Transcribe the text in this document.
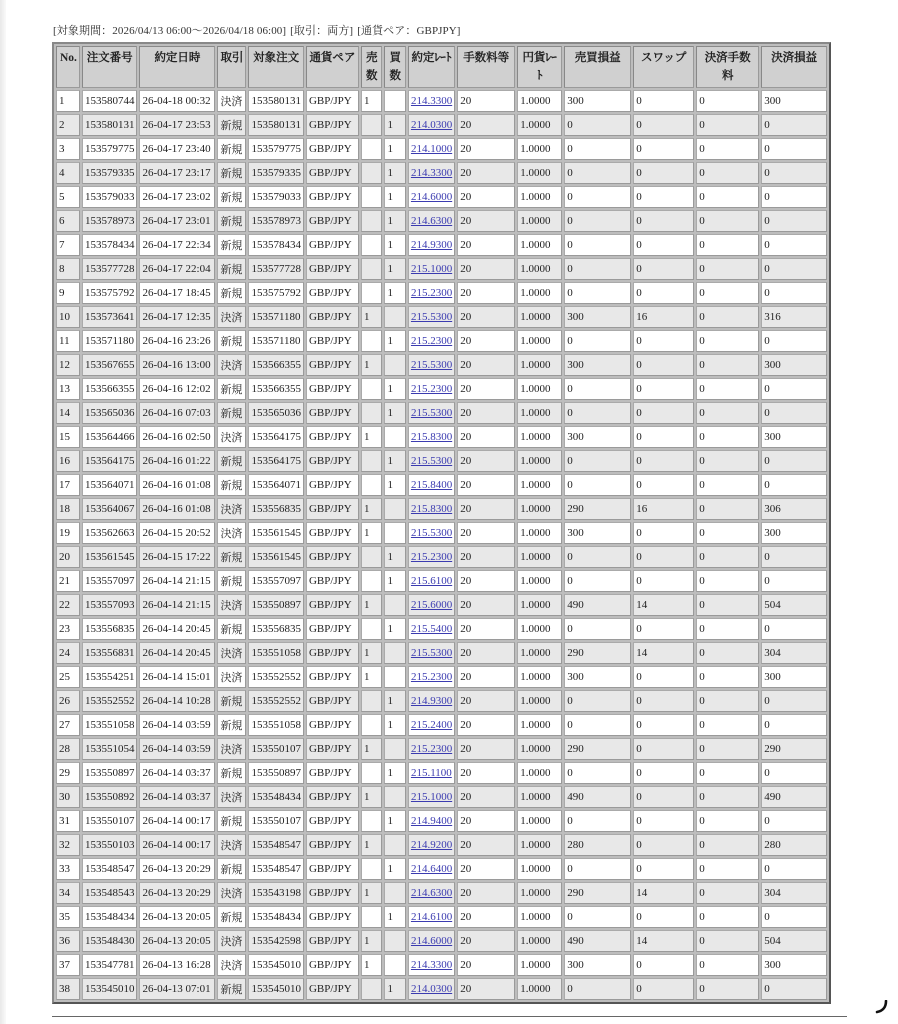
[対象期間：2026/04/13 06:00〜2026/04/18 06:00] [取引：両方] [通貨ペア：GBPJPY]
No.	注文番号	約定日時	取引	対象注文	通貨ペア	売数	買数	約定ﾚｰﾄ	手数料等	円貨ﾚｰﾄ	売買損益	スワップ	決済手数料	決済損益
1	153580744	26-04-18 00:32	決済	153580131	GBP/JPY	1		214.3300	20	1.0000	300	0	0	300
2	153580131	26-04-17 23:53	新規	153580131	GBP/JPY		1	214.0300	20	1.0000	0	0	0	0
3	153579775	26-04-17 23:40	新規	153579775	GBP/JPY		1	214.1000	20	1.0000	0	0	0	0
4	153579335	26-04-17 23:17	新規	153579335	GBP/JPY		1	214.3300	20	1.0000	0	0	0	0
5	153579033	26-04-17 23:02	新規	153579033	GBP/JPY		1	214.6000	20	1.0000	0	0	0	0
6	153578973	26-04-17 23:01	新規	153578973	GBP/JPY		1	214.6300	20	1.0000	0	0	0	0
7	153578434	26-04-17 22:34	新規	153578434	GBP/JPY		1	214.9300	20	1.0000	0	0	0	0
8	153577728	26-04-17 22:04	新規	153577728	GBP/JPY		1	215.1000	20	1.0000	0	0	0	0
9	153575792	26-04-17 18:45	新規	153575792	GBP/JPY		1	215.2300	20	1.0000	0	0	0	0
10	153573641	26-04-17 12:35	決済	153571180	GBP/JPY	1		215.5300	20	1.0000	300	16	0	316
11	153571180	26-04-16 23:26	新規	153571180	GBP/JPY		1	215.2300	20	1.0000	0	0	0	0
12	153567655	26-04-16 13:00	決済	153566355	GBP/JPY	1		215.5300	20	1.0000	300	0	0	300
13	153566355	26-04-16 12:02	新規	153566355	GBP/JPY		1	215.2300	20	1.0000	0	0	0	0
14	153565036	26-04-16 07:03	新規	153565036	GBP/JPY		1	215.5300	20	1.0000	0	0	0	0
15	153564466	26-04-16 02:50	決済	153564175	GBP/JPY	1		215.8300	20	1.0000	300	0	0	300
16	153564175	26-04-16 01:22	新規	153564175	GBP/JPY		1	215.5300	20	1.0000	0	0	0	0
17	153564071	26-04-16 01:08	新規	153564071	GBP/JPY		1	215.8400	20	1.0000	0	0	0	0
18	153564067	26-04-16 01:08	決済	153556835	GBP/JPY	1		215.8300	20	1.0000	290	16	0	306
19	153562663	26-04-15 20:52	決済	153561545	GBP/JPY	1		215.5300	20	1.0000	300	0	0	300
20	153561545	26-04-15 17:22	新規	153561545	GBP/JPY		1	215.2300	20	1.0000	0	0	0	0
21	153557097	26-04-14 21:15	新規	153557097	GBP/JPY		1	215.6100	20	1.0000	0	0	0	0
22	153557093	26-04-14 21:15	決済	153550897	GBP/JPY	1		215.6000	20	1.0000	490	14	0	504
23	153556835	26-04-14 20:45	新規	153556835	GBP/JPY		1	215.5400	20	1.0000	0	0	0	0
24	153556831	26-04-14 20:45	決済	153551058	GBP/JPY	1		215.5300	20	1.0000	290	14	0	304
25	153554251	26-04-14 15:01	決済	153552552	GBP/JPY	1		215.2300	20	1.0000	300	0	0	300
26	153552552	26-04-14 10:28	新規	153552552	GBP/JPY		1	214.9300	20	1.0000	0	0	0	0
27	153551058	26-04-14 03:59	新規	153551058	GBP/JPY		1	215.2400	20	1.0000	0	0	0	0
28	153551054	26-04-14 03:59	決済	153550107	GBP/JPY	1		215.2300	20	1.0000	290	0	0	290
29	153550897	26-04-14 03:37	新規	153550897	GBP/JPY		1	215.1100	20	1.0000	0	0	0	0
30	153550892	26-04-14 03:37	決済	153548434	GBP/JPY	1		215.1000	20	1.0000	490	0	0	490
31	153550107	26-04-14 00:17	新規	153550107	GBP/JPY		1	214.9400	20	1.0000	0	0	0	0
32	153550103	26-04-14 00:17	決済	153548547	GBP/JPY	1		214.9200	20	1.0000	280	0	0	280
33	153548547	26-04-13 20:29	新規	153548547	GBP/JPY		1	214.6400	20	1.0000	0	0	0	0
34	153548543	26-04-13 20:29	決済	153543198	GBP/JPY	1		214.6300	20	1.0000	290	14	0	304
35	153548434	26-04-13 20:05	新規	153548434	GBP/JPY		1	214.6100	20	1.0000	0	0	0	0
36	153548430	26-04-13 20:05	決済	153542598	GBP/JPY	1		214.6000	20	1.0000	490	14	0	504
37	153547781	26-04-13 16:28	決済	153545010	GBP/JPY	1		214.3300	20	1.0000	300	0	0	300
38	153545010	26-04-13 07:01	新規	153545010	GBP/JPY		1	214.0300	20	1.0000	0	0	0	0
